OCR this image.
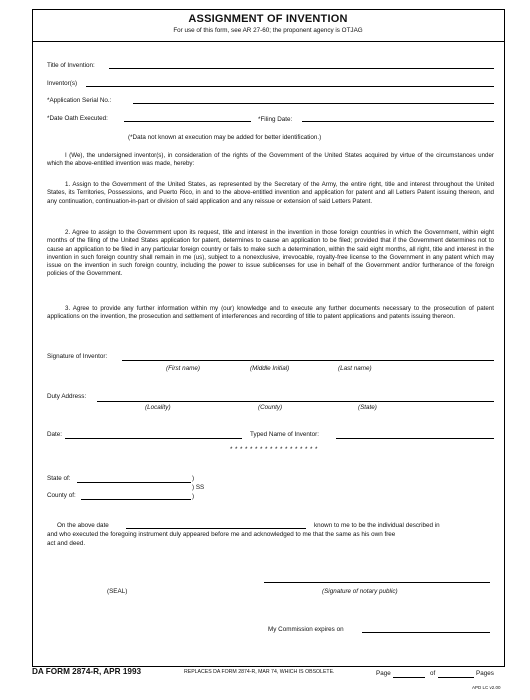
ASSIGNMENT OF INVENTION
For use of this form, see AR 27-60; the proponent agency is OTJAG
Title of Invention:
Inventor(s)
*Application Serial No.:
*Date Oath Executed:	*Filing Date:
(*Data not known at execution may be added for better identification.)
I (We), the undersigned inventor(s), in consideration of the rights of the Government of the United States acquired by virtue of the circumstances under which the above-entitled invention was made, hereby:
1. Assign to the Government of the United States, as represented by the Secretary of the Army, the entire right, title and interest throughout the United States, its Territories, Possessions, and Puerto Rico, in and to the above-entitled invention and application for patent and all Letters Patent issuing thereon, and any continuation, continuation-in-part or division of said application and any reissue or extension of said Letters Patent.
2. Agree to assign to the Government upon its request, title and interest in the invention in those foreign countries in which the Government, within eight months of the filing of the United States application for patent, determines to cause an application to be filed; provided that if the Government determines not to cause an application to be filed in any particular foreign country or fails to make such a determination, within the said eight months, all right, title and interest in the invention in such foreign country shall remain in me (us), subject to a nonexclusive, irrevocable, royalty-free license to the Government in any patent which may issue on the invention in such foreign country, including the power to issue sublicenses for use in behalf of the Government and/or furtherance of the foreign policies of the Government.
3. Agree to provide any further information within my (our) knowledge and to execute any further documents necessary to the prosecution of patent applications on the invention, the prosecution and settlement of interferences and recording of title to patent applications and patents issuing thereon.
Signature of Inventor:
(First name)	(Middle Initial)	(Last name)
Duty Address:
(Locality)	(County)	(State)
Date:	Typed Name of Inventor:
* * * * * * * * * * * * * * * * * *
State of:
County of:
)
) SS
)
On the above date	known to me to be the individual described in
and who executed the foregoing instrument duly appeared before me and acknowledged to me that the same as his own free
act and deed.
(SEAL)	(Signature of notary public)
My Commission expires on
DA FORM 2874-R, APR 1993	REPLACES DA FORM 2874-R, MAR 74, WHICH IS OBSOLETE.	Page	of	Pages
APD LC v2.00
